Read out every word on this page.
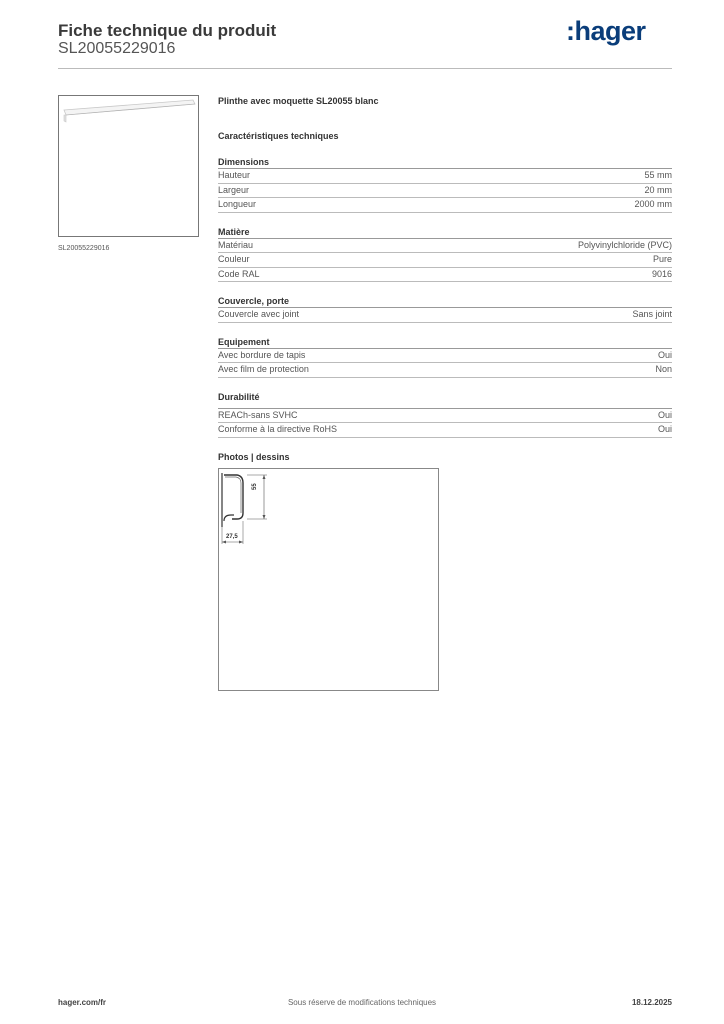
Fiche technique du produit
SL20055229016
:hager
SL20055229016
Plinthe avec moquette SL20055 blanc
Caractéristiques techniques
Dimensions
Hauteur	55 mm
Largeur	20 mm
Longueur	2000 mm
Matière
Matériau	Polyvinylchloride (PVC)
Couleur	Pure
Code RAL	9016
Couvercle, porte
Couvercle avec joint	Sans joint
Equipement
Avec bordure de tapis	Oui
Avec film de protection	Non
Durabilité
REACh-sans SVHC	Oui
Conforme à la directive RoHS	Oui
Photos | dessins
55
27,5
hager.com/fr	Sous réserve de modifications techniques	18.12.2025
